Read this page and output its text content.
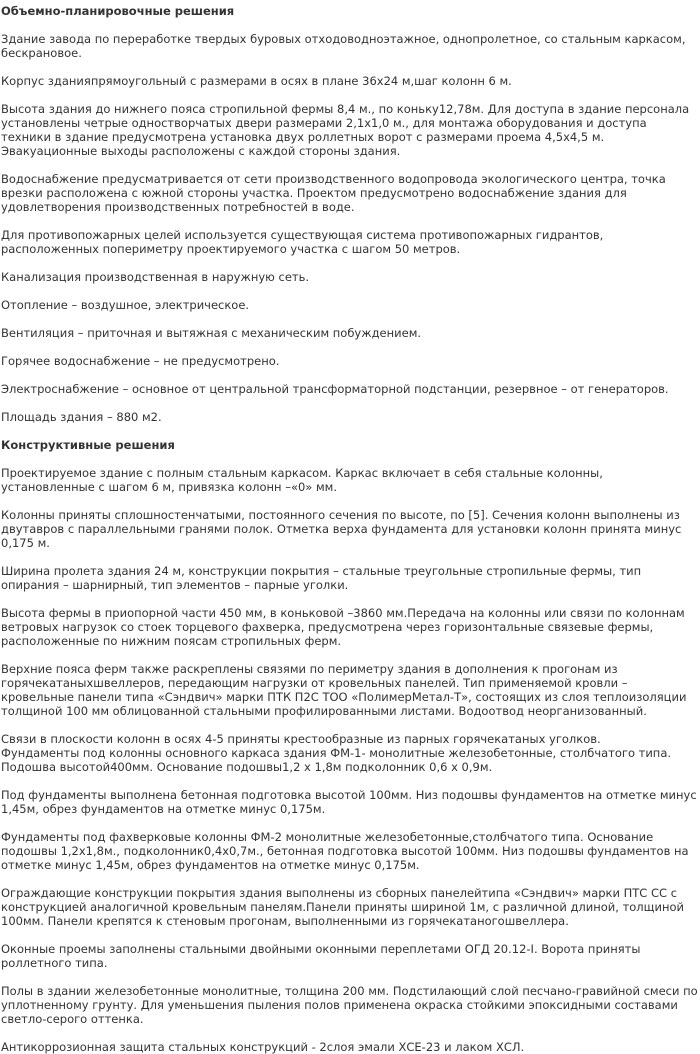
Объемно-планировочные решения

Здание завода по переработке твердых буровых отходоводноэтажное, однопролетное, со стальным каркасом, бескрановое.

Корпус зданияпрямоугольный с размерами в осях в плане 36х24 м,шаг колонн 6 м.

Высота здания до нижнего пояса стропильной фермы 8,4 м., по коньку12,78м. Для доступа в здание персонала установлены четрые одностворчатых двери размерами 2,1х1,0 м., для монтажа оборудования и доступа техники в здание предусмотрена установка двух роллетных ворот с размерами проема 4,5х4,5 м. Эвакуационные выходы расположены с каждой стороны здания.

Водоснабжение предусматривается от сети производственного водопровода экологического центра, точка врезки расположена с южной стороны участка. Проектом предусмотрено водоснабжение здания для удовлетворения производственных потребностей в воде.

Для противопожарных целей используется существующая система противопожарных гидрантов, расположенных попериметру проектируемого участка с шагом 50 метров.

Канализация производственная в наружную сеть.

Отопление – воздушное, электрическое.

Вентиляция – приточная и вытяжная с механическим побуждением.

Горячее водоснабжение – не предусмотрено.

Электроснабжение – основное от центральной трансформаторной подстанции, резервное – от генераторов.

Площадь здания – 880 м2.

Конструктивные решения

Проектируемое здание с полным стальным каркасом. Каркас включает в себя стальные колонны, установленные с шагом 6 м, привязка колонн –«0» мм.

Колонны приняты сплошностенчатыми, постоянного сечения по высоте, по [5]. Сечения колонн выполнены из двутавров с параллельными гранями полок. Отметка верха фундамента для установки колонн принята минус 0,175 м.

Ширина пролета здания 24 м, конструкции покрытия – стальные треугольные стропильные фермы, тип опирания – шарнирный, тип элементов – парные уголки.

Высота фермы в приопорной части 450 мм, в коньковой –3860 мм.Передача на колонны или связи по колоннам ветровых нагрузок со стоек торцевого фахверка, предусмотрена через горизонтальные связевые фермы, расположенные по нижним поясам стропильных ферм.

Верхние пояса ферм также раскреплены связями по периметру здания в дополнения к прогонам из горячекатаныхшвеллеров, передающим нагрузки от кровельных панелей. Тип применяемой кровли – кровельные панели типа «Сэндвич» марки ПТК П2С ТОО «ПолимерМетал-Т», состоящих из слоя теплоизоляции толщиной 100 мм облицованной стальными профилированными листами. Водоотвод неорганизованный.

Связи в плоскости колонн в осях 4-5 приняты крестообразные из парных горячекатаных уголков.

Фундаменты под колонны основного каркаса здания ФМ-1- монолитные железобетонные, столбчатого типа. Подошва высотой400мм. Основание подошвы1,2 х 1,8м подколонник 0,6 х 0,9м.

Под фундаменты выполнена бетонная подготовка высотой 100мм. Низ подошвы фундаментов на отметке минус 1,45м, обрез фундаментов на отметке минус 0,175м.

Фундаменты под фахверковые колонны ФМ-2 монолитные железобетонные,столбчатого типа. Основание подошвы 1,2х1,8м., подколонник0,4х0,7м., бетонная подготовка высотой 100мм. Низ подошвы фундаментов на отметке минус 1,45м, обрез фундаментов на отметке минус 0,175м.

Ограждающие конструкции покрытия здания выполнены из сборных панелейтипа «Сэндвич» марки ПТС СС с конструкцией аналогичной кровельным панелям.Панели приняты шириной 1м, с различной длиной, толщиной 100мм. Панели крепятся к стеновым прогонам, выполненными из горячекатаногошвеллера.

Оконные проемы заполнены стальными двойными оконными переплетами ОГД 20.12-I. Ворота приняты роллетного типа.

Полы в здании железобетонные монолитные, толщина 200 мм. Подстилающий слой песчано-гравийной смеси по уплотненному грунту. Для уменьшения пыления полов применена окраска стойкими эпоксидными составами светло-серого оттенка.

Антикоррозионная защита стальных конструкций - 2слоя эмали ХСЕ-23 и лаком ХСЛ.
